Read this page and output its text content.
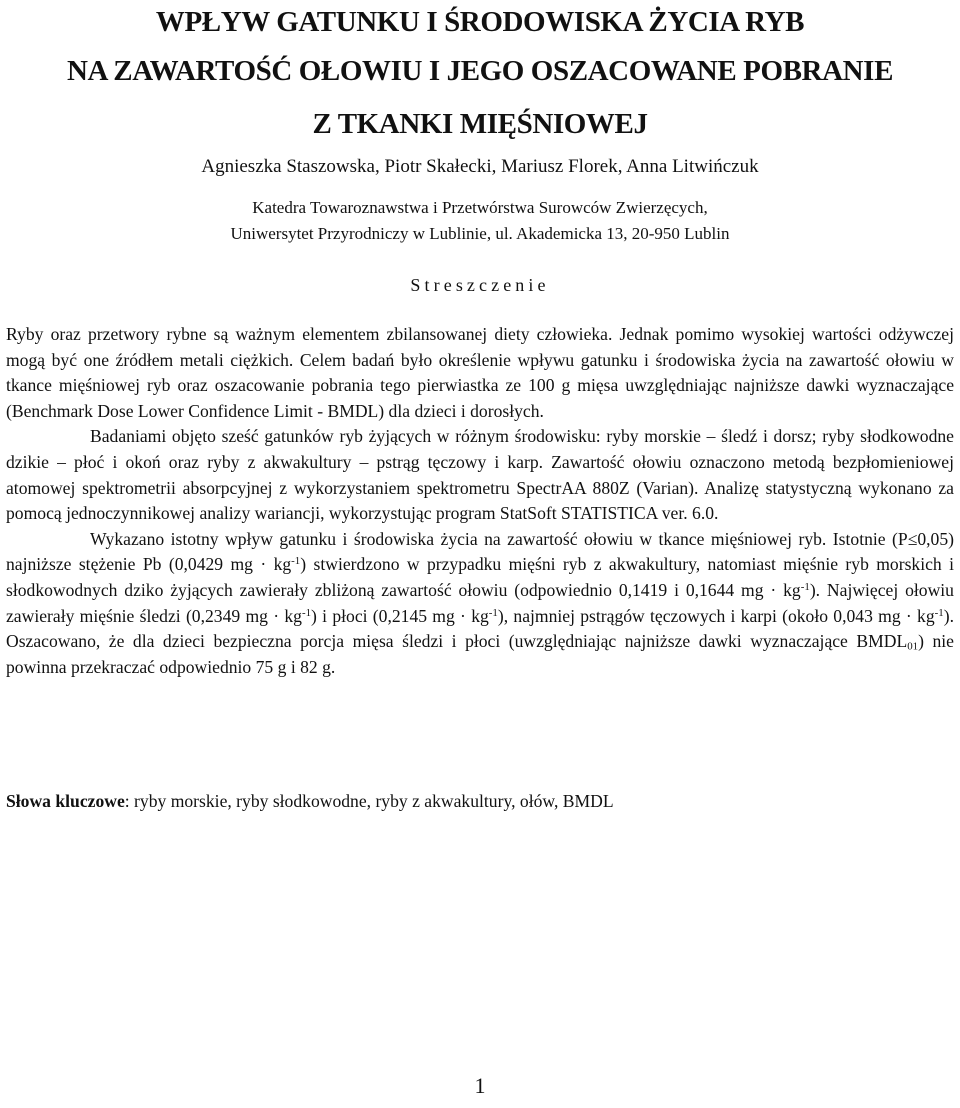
WPŁYW GATUNKU I ŚRODOWISKA ŻYCIA RYB
NA ZAWARTOŚĆ OŁOWIU I JEGO OSZACOWANE POBRANIE
Z TKANKI MIĘŚNIOWEJ
Agnieszka Staszowska, Piotr Skałecki, Mariusz Florek, Anna Litwińczuk
Katedra Towaroznawstwa i Przetwórstwa Surowców Zwierzęcych,
Uniwersytet Przyrodniczy w Lublinie, ul. Akademicka 13, 20-950 Lublin
Streszczenie

Ryby oraz przetwory rybne są ważnym elementem zbilansowanej diety człowieka. Jednak pomimo wysokiej wartości odżywczej mogą być one źródłem metali ciężkich. Celem badań było określenie wpływu gatunku i środowiska życia na zawartość ołowiu w tkance mięśniowej ryb oraz oszacowanie pobrania tego pierwiastka ze 100 g mięsa uwzględniając najniższe dawki wyznaczające (Benchmark Dose Lower Confidence Limit - BMDL) dla dzieci i dorosłych.

Badaniami objęto sześć gatunków ryb żyjących w różnym środowisku: ryby morskie – śledź i dorsz; ryby słodkowodne dzikie – płoć i okoń oraz ryby z akwakultury – pstrąg tęczowy i karp. Zawartość ołowiu oznaczono metodą bezpłomieniowej atomowej spektrometrii absorpcyjnej z wykorzystaniem spektrometru SpectrAA 880Z (Varian). Analizę statystyczną wykonano za pomocą jednoczynnikowej analizy wariancji, wykorzystując program StatSoft STATISTICA ver. 6.0.

Wykazano istotny wpływ gatunku i środowiska życia na zawartość ołowiu w tkance mięśniowej ryb. Istotnie (P≤0,05) najniższe stężenie Pb (0,0429 mg · $kg^{-1}$) stwierdzono w przypadku mięśni ryb z akwakultury, natomiast mięśnie ryb morskich i słodkowodnych dziko żyjących zawierały zbliżoną zawartość ołowiu (odpowiednio 0,1419 i 0,1644 mg · $kg^{-1}$). Najwięcej ołowiu zawierały mięśnie śledzi (0,2349 mg · $kg^{-1}$) i płoci (0,2145 mg · $kg^{-1}$), najmniej pstrągów tęczowych i karpi (około 0,043 mg · $kg^{-1}$). Oszacowano, że dla dzieci bezpieczna porcja mięsa śledzi i płoci (uwzględniając najniższe dawki wyznaczające $BMDL_{01}$) nie powinna przekraczać odpowiednio 75 g i 82 g.

Słowa kluczowe: ryby morskie, ryby słodkowodne, ryby z akwakultury, ołów, BMDL
1
